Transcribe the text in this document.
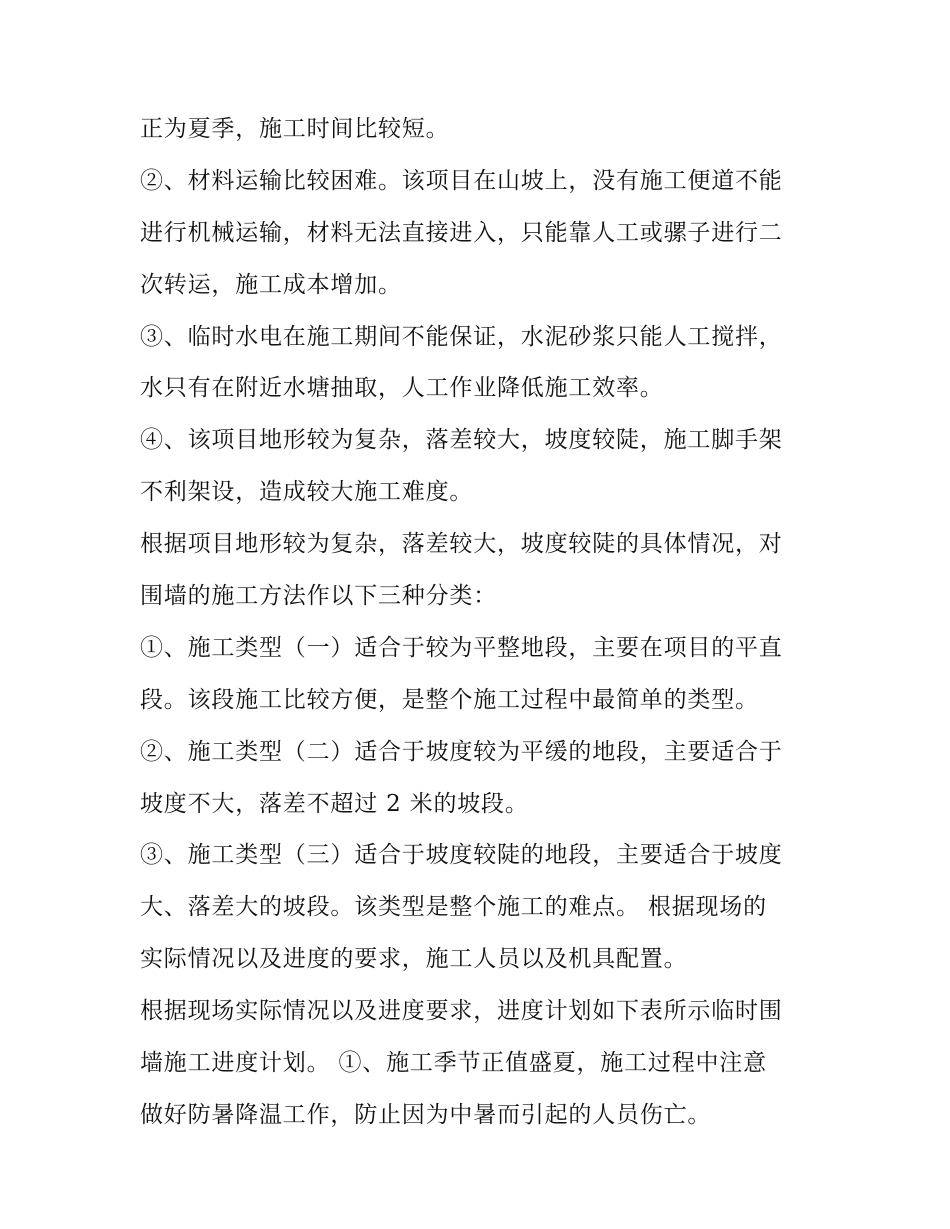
正为夏季，施工时间比较短。
②、材料运输比较困难。该项目在山坡上，没有施工便道不能
进行机械运输，材料无法直接进入，只能靠人工或骡子进行二
次转运，施工成本增加。
③、临时水电在施工期间不能保证，水泥砂浆只能人工搅拌，
水只有在附近水塘抽取，人工作业降低施工效率。
④、该项目地形较为复杂，落差较大，坡度较陡，施工脚手架
不利架设，造成较大施工难度。
根据项目地形较为复杂，落差较大，坡度较陡的具体情况，对
围墙的施工方法作以下三种分类：
①、施工类型（一）适合于较为平整地段，主要在项目的平直
段。该段施工比较方便，是整个施工过程中最简单的类型。
②、施工类型（二）适合于坡度较为平缓的地段，主要适合于
坡度不大，落差不超过 2 米的坡段。
③、施工类型（三）适合于坡度较陡的地段，主要适合于坡度
大、落差大的坡段。该类型是整个施工的难点。 根据现场的
实际情况以及进度的要求，施工人员以及机具配置。
根据现场实际情况以及进度要求，进度计划如下表所示临时围
墙施工进度计划。 ①、施工季节正值盛夏，施工过程中注意
做好防暑降温工作，防止因为中暑而引起的人员伤亡。
